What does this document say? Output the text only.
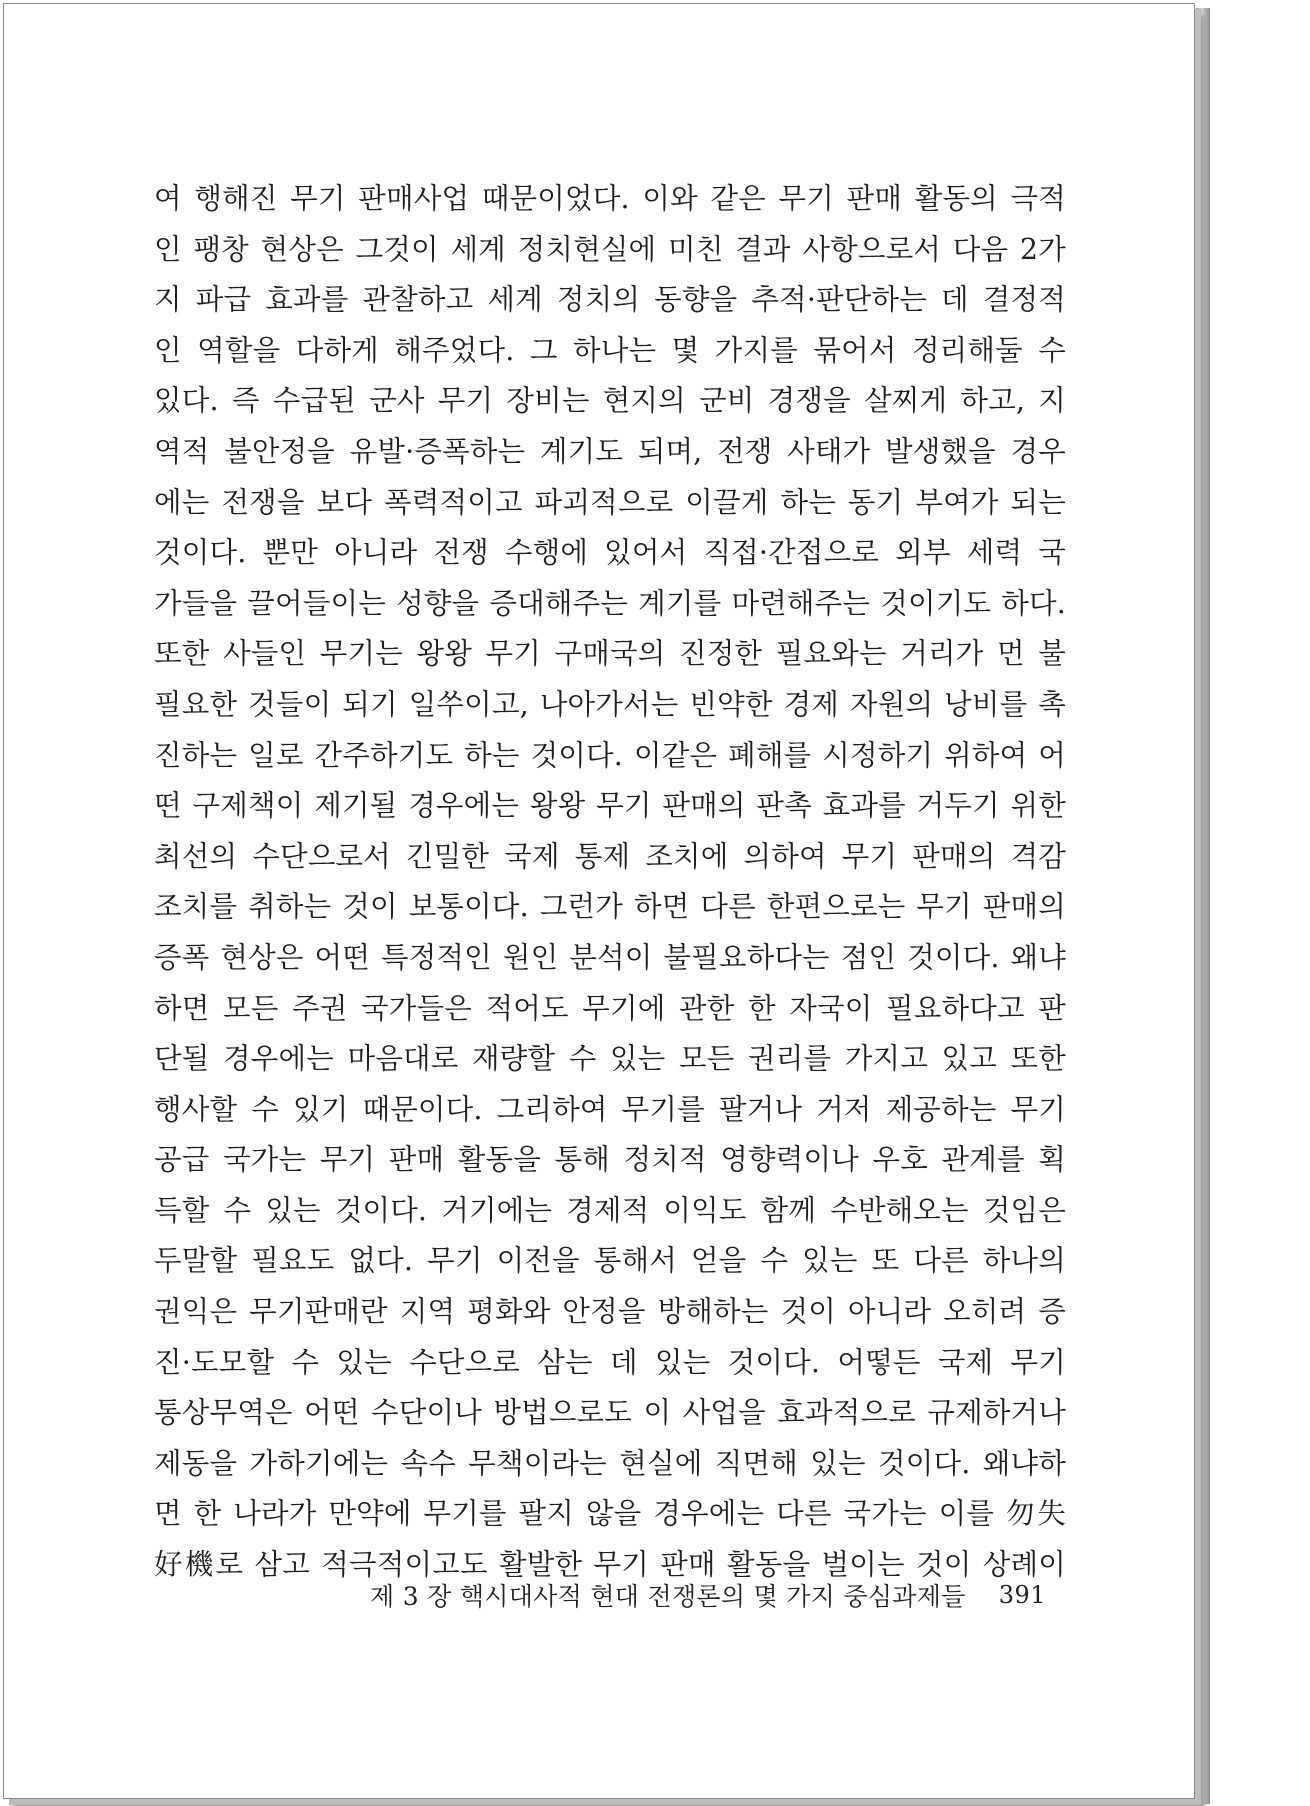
여 행해진 무기 판매사업 때문이었다. 이와 같은 무기 판매 활동의 극적
인 팽창 현상은 그것이 세계 정치현실에 미친 결과 사항으로서 다음 2가
지 파급 효과를 관찰하고 세계 정치의 동향을 추적·판단하는 데 결정적
인 역할을 다하게 해주었다. 그 하나는 몇 가지를 묶어서 정리해둘 수
있다. 즉 수급된 군사 무기 장비는 현지의 군비 경쟁을 살찌게 하고, 지
역적 불안정을 유발·증폭하는 계기도 되며, 전쟁 사태가 발생했을 경우
에는 전쟁을 보다 폭력적이고 파괴적으로 이끌게 하는 동기 부여가 되는
것이다. 뿐만 아니라 전쟁 수행에 있어서 직접·간접으로 외부 세력 국
가들을 끌어들이는 성향을 증대해주는 계기를 마련해주는 것이기도 하다.
또한 사들인 무기는 왕왕 무기 구매국의 진정한 필요와는 거리가 먼 불
필요한 것들이 되기 일쑤이고, 나아가서는 빈약한 경제 자원의 낭비를 촉
진하는 일로 간주하기도 하는 것이다. 이같은 폐해를 시정하기 위하여 어
떤 구제책이 제기될 경우에는 왕왕 무기 판매의 판촉 효과를 거두기 위한
최선의 수단으로서 긴밀한 국제 통제 조치에 의하여 무기 판매의 격감
조치를 취하는 것이 보통이다. 그런가 하면 다른 한편으로는 무기 판매의
증폭 현상은 어떤 특정적인 원인 분석이 불필요하다는 점인 것이다. 왜냐
하면 모든 주권 국가들은 적어도 무기에 관한 한 자국이 필요하다고 판
단될 경우에는 마음대로 재량할 수 있는 모든 권리를 가지고 있고 또한
행사할 수 있기 때문이다. 그리하여 무기를 팔거나 거저 제공하는 무기
공급 국가는 무기 판매 활동을 통해 정치적 영향력이나 우호 관계를 획
득할 수 있는 것이다. 거기에는 경제적 이익도 함께 수반해오는 것임은
두말할 필요도 없다. 무기 이전을 통해서 얻을 수 있는 또 다른 하나의
권익은 무기판매란 지역 평화와 안정을 방해하는 것이 아니라 오히려 증
진·도모할 수 있는 수단으로 삼는 데 있는 것이다. 어떻든 국제 무기
통상무역은 어떤 수단이나 방법으로도 이 사업을 효과적으로 규제하거나
제동을 가하기에는 속수 무책이라는 현실에 직면해 있는 것이다. 왜냐하
면 한 나라가 만약에 무기를 팔지 않을 경우에는 다른 국가는 이를 勿失
好機로 삼고 적극적이고도 활발한 무기 판매 활동을 벌이는 것이 상례이
제 3 장 핵시대사적 현대 전쟁론의 몇 가지 중심과제들 391
